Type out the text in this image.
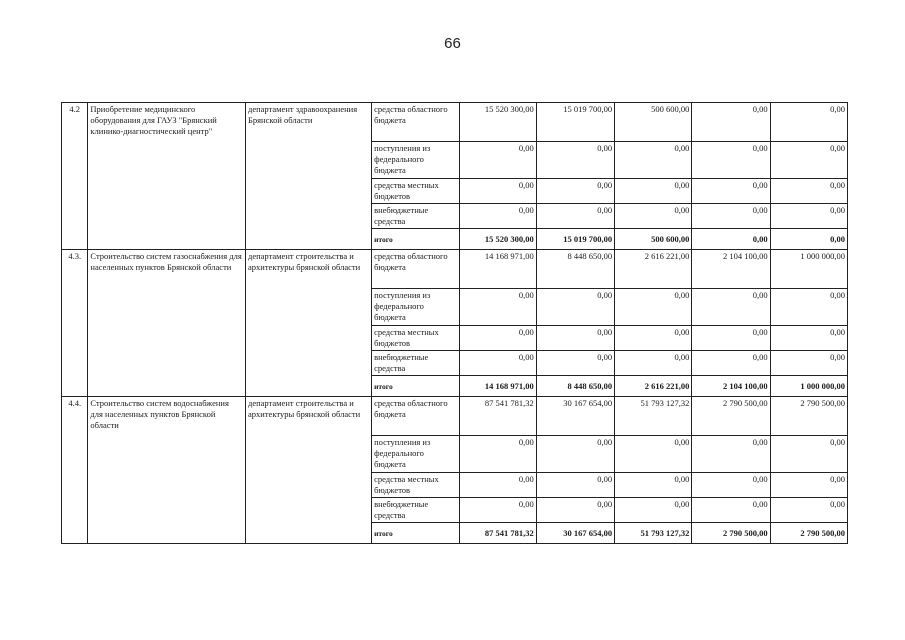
66
4.2	Приобретение медицинского оборудования для ГАУЗ "Брянский клинико-диагностический центр"	департамент здравоохранения Брянской области	средства областного бюджета	15 520 300,00	15 019 700,00	500 600,00	0,00	0,00
			поступления из федерального бюджета	0,00	0,00	0,00	0,00	0,00
			средства местных бюджетов	0,00	0,00	0,00	0,00	0,00
			внебюджетные средства	0,00	0,00	0,00	0,00	0,00
			итого	15 520 300,00	15 019 700,00	500 600,00	0,00	0,00
4.3.	Строительство систем газоснабжения для населенных пунктов Брянской области	департамент строительства и архитектуры брянской области	средства областного бюджета	14 168 971,00	8 448 650,00	2 616 221,00	2 104 100,00	1 000 000,00
			поступления из федерального бюджета	0,00	0,00	0,00	0,00	0,00
			средства местных бюджетов	0,00	0,00	0,00	0,00	0,00
			внебюджетные средства	0,00	0,00	0,00	0,00	0,00
			итого	14 168 971,00	8 448 650,00	2 616 221,00	2 104 100,00	1 000 000,00
4.4.	Строительство систем водоснабжения для населенных пунктов Брянской области	департамент строительства и архитектуры брянской области	средства областного бюджета	87 541 781,32	30 167 654,00	51 793 127,32	2 790 500,00	2 790 500,00
			поступления из федерального бюджета	0,00	0,00	0,00	0,00	0,00
			средства местных бюджетов	0,00	0,00	0,00	0,00	0,00
			внебюджетные средства	0,00	0,00	0,00	0,00	0,00
			итого	87 541 781,32	30 167 654,00	51 793 127,32	2 790 500,00	2 790 500,00
